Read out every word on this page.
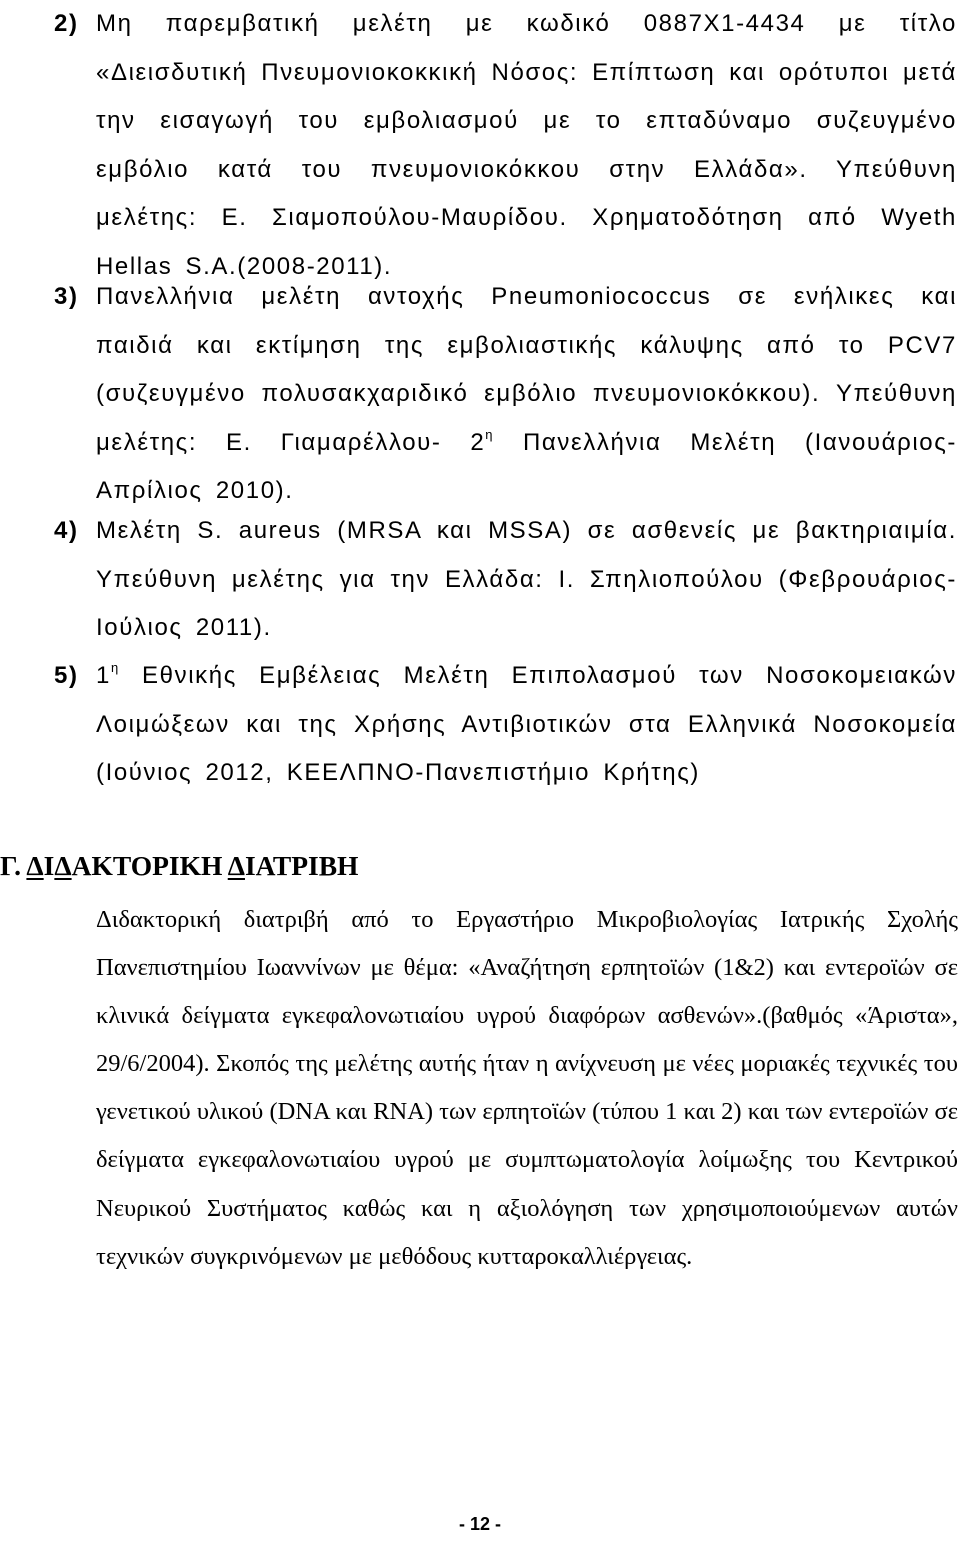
2) Μη παρεμβατική μελέτη με κωδικό 0887Χ1-4434 με τίτλο «Διεισδυτική Πνευμονιοκοκκική Νόσος: Επίπτωση και ορότυποι μετά την εισαγωγή του εμβολιασμού με το επταδύναμο συζευγμένο εμβόλιο κατά του πνευμονιοκόκκου στην Ελλάδα». Υπεύθυνη μελέτης: Ε. Σιαμοπούλου-Μαυρίδου. Χρηματοδότηση από Wyeth Hellas S.A.(2008-2011).

3) Πανελλήνια μελέτη αντοχής Pneumoniococcus σε ενήλικες και παιδιά και εκτίμηση της εμβολιαστικής κάλυψης από το PCV7 (συζευγμένο πολυσακχαριδικό εμβόλιο πνευμονιοκόκκου). Υπεύθυνη μελέτης: Ε. Γιαμαρέλλου- $2^\eta$ Πανελλήνια Μελέτη (Ιανουάριος-Απρίλιος 2010).

4) Μελέτη S. aureus (MRSA και MSSA) σε ασθενείς με βακτηριαιμία. Υπεύθυνη μελέτης για την Ελλάδα: Ι. Σπηλιοπούλου (Φεβρουάριος-Ιούλιος 2011).

5) $1^\eta$ Εθνικής Εμβέλειας Μελέτη Επιπολασμού των Νοσοκομειακών Λοιμώξεων και της Χρήσης Αντιβιοτικών στα Ελληνικά Νοσοκομεία (Ιούνιος 2012, ΚΕΕΛΠΝΟ-Πανεπιστήμιο Κρήτης)

Γ. ΔΙΔΑΚΤΟΡΙΚΗ ΔΙΑΤΡΙΒΗ

Διδακτορική διατριβή από το Εργαστήριο Μικροβιολογίας Ιατρικής Σχολής Πανεπιστημίου Ιωαννίνων με θέμα: «Αναζήτηση ερπητοϊών (1&2) και εντεροϊών σε κλινικά δείγματα εγκεφαλονωτιαίου υγρού διαφόρων ασθενών».(βαθμός «Άριστα», 29/6/2004). Σκοπός της μελέτης αυτής ήταν η ανίχνευση με νέες μοριακές τεχνικές του γενετικού υλικού (DNA και RNA) των ερπητοϊών (τύπου 1 και 2) και των εντεροϊών σε δείγματα εγκεφαλονωτιαίου υγρού με συμπτωματολογία λοίμωξης του Κεντρικού Νευρικού Συστήματος καθώς και η αξιολόγηση των χρησιμοποιούμενων αυτών τεχνικών συγκρινόμενων με μεθόδους κυτταροκαλλιέργειας.

- 12 -
